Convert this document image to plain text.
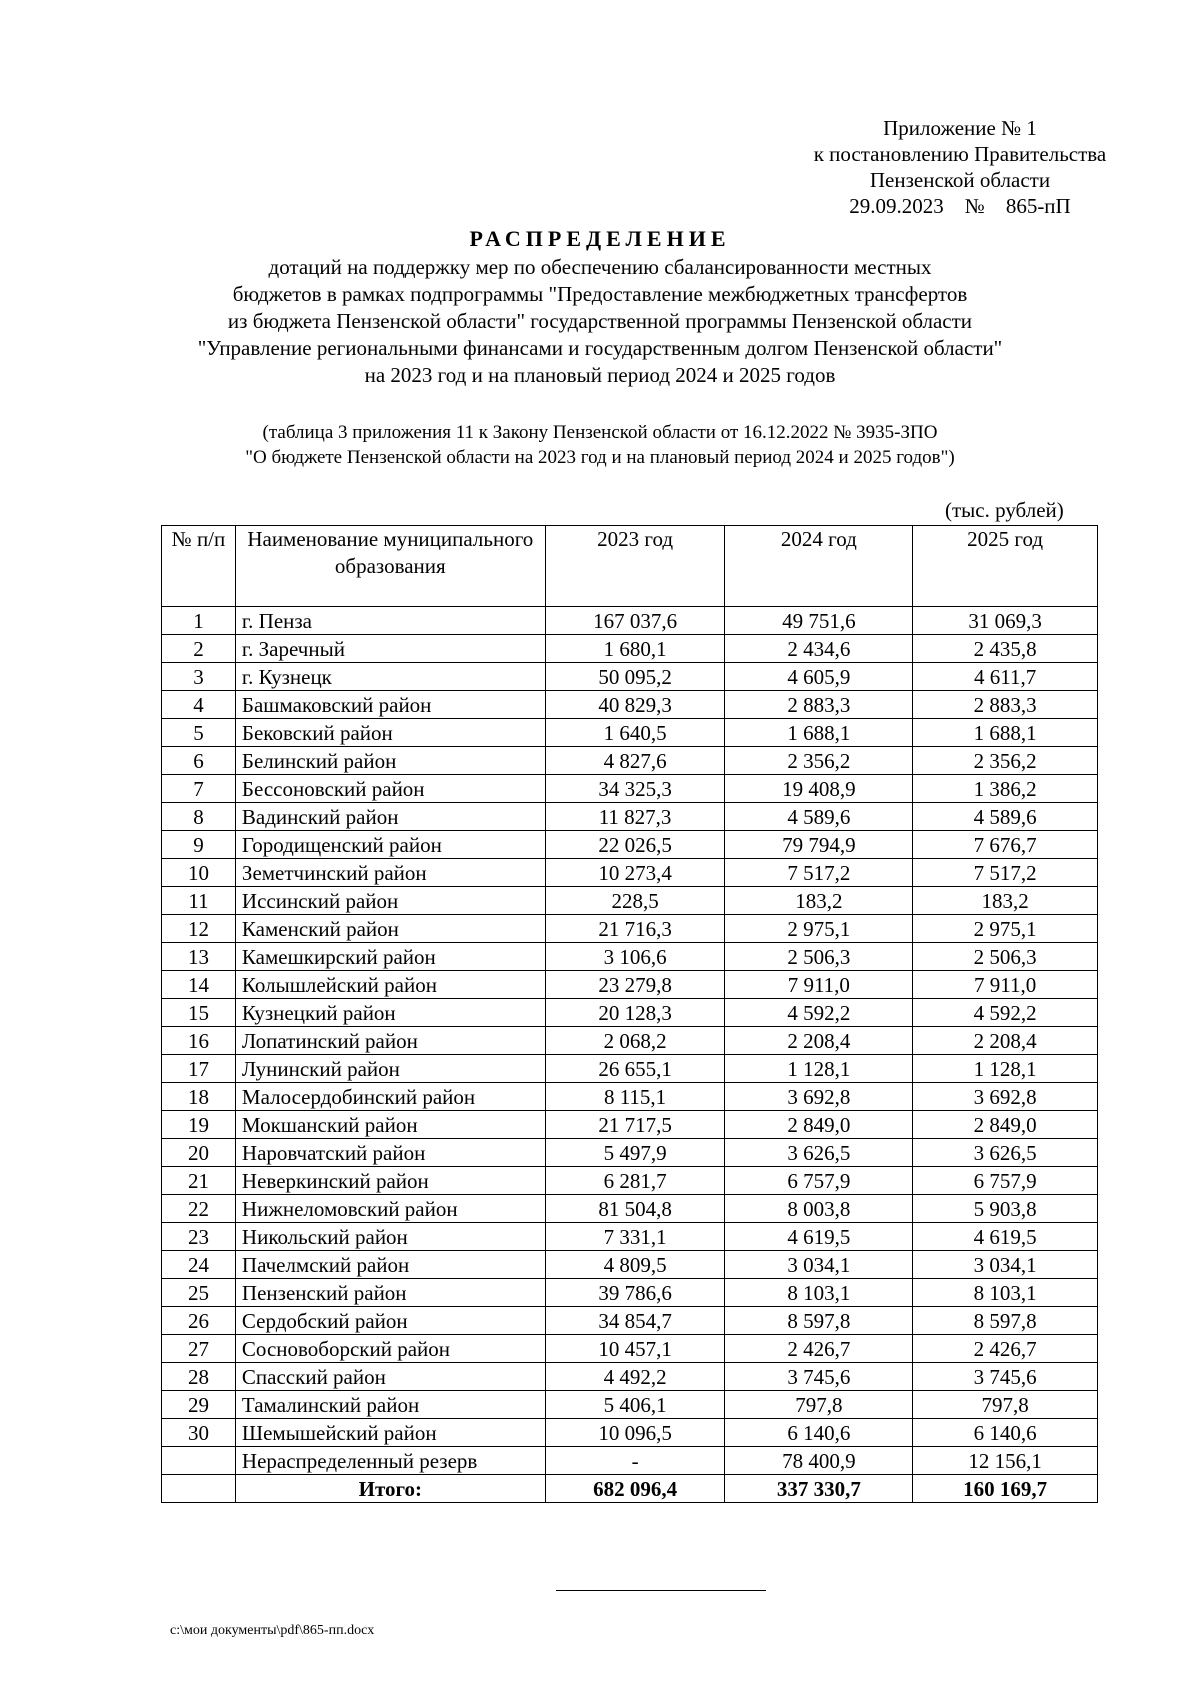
Приложение № 1
к постановлению Правительства
Пензенской области
29.09.2023    №    865-пП
РАСПРЕДЕЛЕНИЕ
дотаций на поддержку мер по обеспечению сбалансированности местных
бюджетов в рамках подпрограммы "Предоставление межбюджетных трансфертов
из бюджета Пензенской области" государственной программы Пензенской области
"Управление региональными финансами и государственным долгом Пензенской области"
на 2023 год и на плановый период 2024 и 2025 годов
(таблица 3 приложения 11 к Закону Пензенской области от 16.12.2022 № 3935-ЗПО
"О бюджете Пензенской области на 2023 год и на плановый период 2024 и 2025 годов")
(тыс. рублей)
№ п/п	Наименование муниципального образования	2023 год	2024 год	2025 год
1	г. Пенза	167 037,6	49 751,6	31 069,3
2	г. Заречный	1 680,1	2 434,6	2 435,8
3	г. Кузнецк	50 095,2	4 605,9	4 611,7
4	Башмаковский район	40 829,3	2 883,3	2 883,3
5	Бековский район	1 640,5	1 688,1	1 688,1
6	Белинский район	4 827,6	2 356,2	2 356,2
7	Бессоновский район	34 325,3	19 408,9	1 386,2
8	Вадинский район	11 827,3	4 589,6	4 589,6
9	Городищенский район	22 026,5	79 794,9	7 676,7
10	Земетчинский район	10 273,4	7 517,2	7 517,2
11	Иссинский район	228,5	183,2	183,2
12	Каменский район	21 716,3	2 975,1	2 975,1
13	Камешкирский район	3 106,6	2 506,3	2 506,3
14	Колышлейский район	23 279,8	7 911,0	7 911,0
15	Кузнецкий район	20 128,3	4 592,2	4 592,2
16	Лопатинский район	2 068,2	2 208,4	2 208,4
17	Лунинский район	26 655,1	1 128,1	1 128,1
18	Малосердобинский район	8 115,1	3 692,8	3 692,8
19	Мокшанский район	21 717,5	2 849,0	2 849,0
20	Наровчатский район	5 497,9	3 626,5	3 626,5
21	Неверкинский район	6 281,7	6 757,9	6 757,9
22	Нижнеломовский район	81 504,8	8 003,8	5 903,8
23	Никольский район	7 331,1	4 619,5	4 619,5
24	Пачелмский район	4 809,5	3 034,1	3 034,1
25	Пензенский район	39 786,6	8 103,1	8 103,1
26	Сердобский район	34 854,7	8 597,8	8 597,8
27	Сосновоборский район	10 457,1	2 426,7	2 426,7
28	Спасский район	4 492,2	3 745,6	3 745,6
29	Тамалинский район	5 406,1	797,8	797,8
30	Шемышейский район	10 096,5	6 140,6	6 140,6
	Нераспределенный резерв	-	78 400,9	12 156,1
	Итого:	682 096,4	337 330,7	160 169,7
c:\мои документы\pdf\865-пп.docx
